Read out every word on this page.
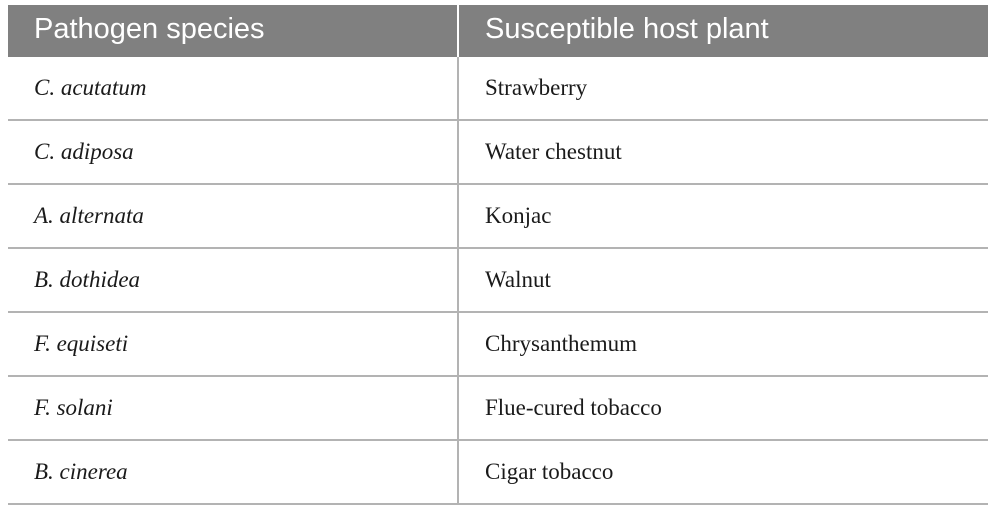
Pathogen species	Susceptible host plant
C. acutatum	Strawberry
C. adiposa	Water chestnut
A. alternata	Konjac
B. dothidea	Walnut
F. equiseti	Chrysanthemum
F. solani	Flue-cured tobacco
B. cinerea	Cigar tobacco
